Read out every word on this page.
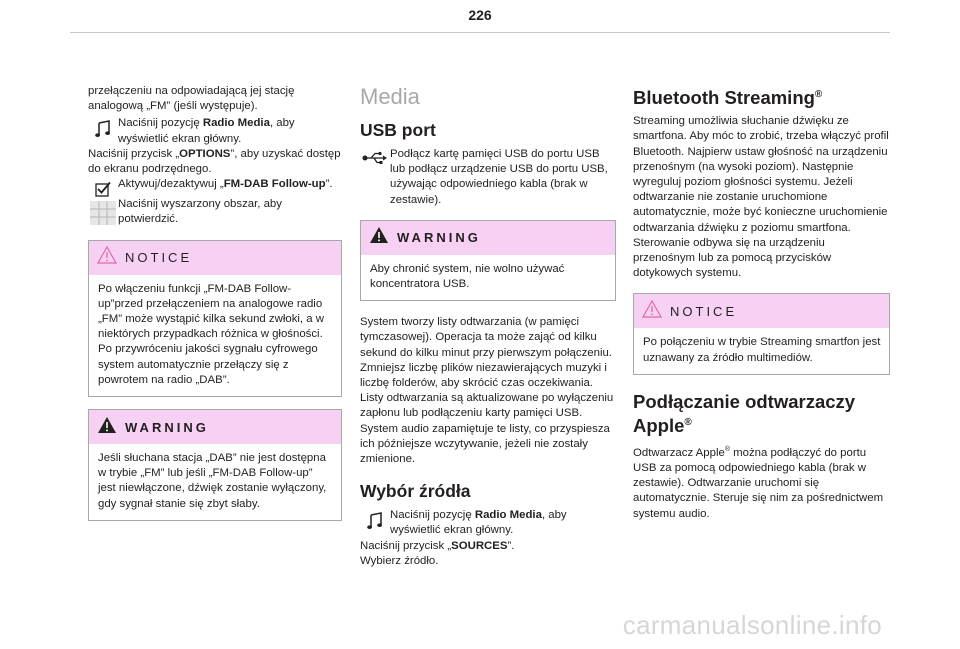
226

przełączeniu na odpowiadającą jej stację analogową „FM” (jeśli występuje).

Naciśnij pozycję Radio Media, aby wyświetlić ekran główny.

Naciśnij przycisk „OPTIONS”, aby uzyskać dostęp do ekranu podrzędnego.

Aktywuj/dezaktywuj „FM-DAB Follow-up”.
Naciśnij wyszarzony obszar, aby potwierdzić.
NOTICE
Po włączeniu funkcji „FM-DAB Follow-up”przed przełączeniem na analogowe radio „FM” może wystąpić kilka sekund zwłoki, a w niektórych przypadkach różnica w głośności. Po przywróceniu jakości sygnału cyfrowego system automatycznie przełączy się z powrotem na radio „DAB”.
WARNING
Jeśli słuchana stacja „DAB” nie jest dostępna w trybie „FM” lub jeśli „FM-DAB Follow-up” jest niewłączone, dźwięk zostanie wyłączony, gdy sygnał stanie się zbyt słaby.
Media
USB port
Podłącz kartę pamięci USB do portu USB lub podłącz urządzenie USB do portu USB, używając odpowiedniego kabla (brak w zestawie).
WARNING
Aby chronić system, nie wolno używać koncentratora USB.

System tworzy listy odtwarzania (w pamięci tymczasowej). Operacja ta może zająć od kilku sekund do kilku minut przy pierwszym połączeniu. Zmniejsz liczbę plików niezawierających muzyki i liczbę folderów, aby skrócić czas oczekiwania. Listy odtwarzania są aktualizowane po wyłączeniu zapłonu lub podłączeniu karty pamięci USB. System audio zapamiętuje te listy, co przyspiesza ich późniejsze wczytywanie, jeżeli nie zostały zmienione.

Wybór źródła
Naciśnij pozycję Radio Media, aby wyświetlić ekran główny.

Naciśnij przycisk „SOURCES”.

Wybierz źródło.

Bluetooth Streaming®

Streaming umożliwia słuchanie dźwięku ze smartfona. Aby móc to zrobić, trzeba włączyć profil Bluetooth. Najpierw ustaw głośność na urządzeniu przenośnym (na wysoki poziom). Następnie wyreguluj poziom głośności systemu. Jeżeli odtwarzanie nie zostanie uruchomione automatycznie, może być konieczne uruchomienie odtwarzania dźwięku z poziomu smartfona. Sterowanie odbywa się na urządzeniu przenośnym lub za pomocą przycisków dotykowych systemu.

NOTICE
Po połączeniu w trybie Streaming smartfon jest uznawany za źródło multimediów.
Podłączanie odtwarzaczy Apple®

Odtwarzacz Apple® można podłączyć do portu USB za pomocą odpowiedniego kabla (brak w zestawie). Odtwarzanie uruchomi się automatycznie. Steruje się nim za pośrednictwem systemu audio.

carmanualsonline.info
